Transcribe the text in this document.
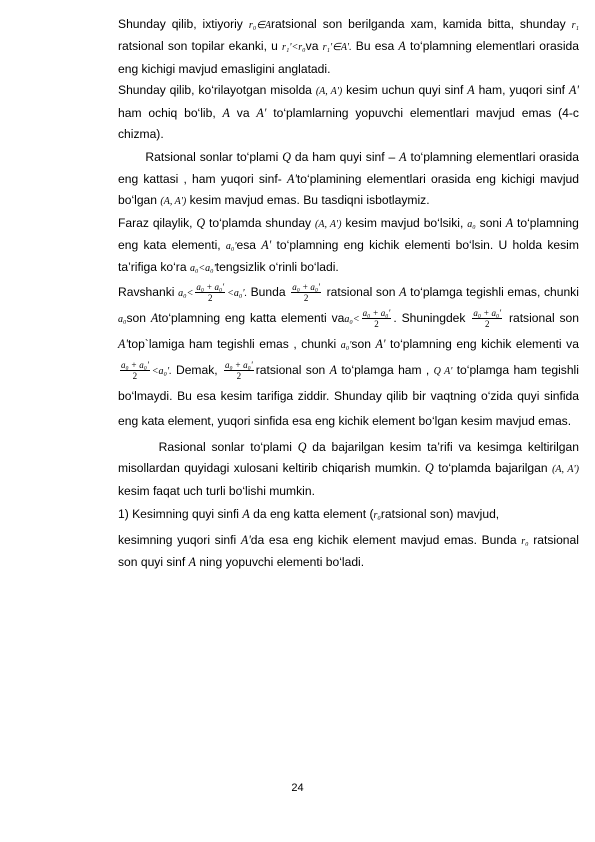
Shunday qilib, ixtiyoriy r₀∈Aratsional son berilganda xam, kamida bitta, shunday r₁ ratsional son topilar ekanki, u r₁'<r₀va r₁'∈A'. Bu esa A to‘plamning elementlari orasida eng kichigi mavjud emasligini anglatadi.

Shunday qilib, ko‘rilayotgan misolda (A, A') kesim uchun quyi sinf A ham, yuqori sinf A' ham ochiq bo‘lib, A va A' to‘plamlarning yopuvchi elementlari mavjud emas (4-c chizma).

Ratsional sonlar to‘plami Q da ham quyi sinf – A to‘plamning elementlari orasida eng kattasi , ham yuqori sinf- A'to‘plamining elementlari orasida eng kichigi mavjud bo‘lgan (A, A') kesim mavjud emas. Bu tasdiqni isbotlaymiz.

Faraz qilaylik, Q to‘plamda shunday (A, A') kesim mavjud bo‘lsiki, a₀ soni A to‘plamning eng kata elementi, a₀'esa A' to‘plamning eng kichik elementi bo‘lsin. U holda kesim ta’rifiga ko‘ra a₀<a₀'tengsizlik o‘rinli bo‘ladi.

Ravshanki $a_0< \frac{\text{a₀ + a₀'}}{2} <a_0'$. Bunda $\frac{\text{a₀ + a₀'}}{2}$ ratsional son A to‘plamga tegishli emas, chunki a₀son Ato‘plamning eng katta elementi $vaa_0< \frac{\text{a₀ + a₀'}}{2}$ . Shuningdek $\frac{\text{a₀ + a₀'}}{2}$ ratsional son A'top`lamiga ham tegishli emas , chunki a₀'son A' to‘plamning eng kichik elementi va
$\frac{\text{a₀ + a₀'}}{2} <a_0'$. Demak, $\frac{\text{a₀ + a₀'}}{2}$ ratsional son A to‘plamga ham , Q A' to‘plamga ham tegishli bo‘lmaydi. Bu esa kesim tarifiga ziddir. Shunday qilib bir vaqtning o‘zida quyi sinfida eng kata element, yuqori sinfida esa eng kichik element bo‘lgan kesim mavjud emas.

Rasional sonlar to‘plami Q da bajarilgan kesim ta’rifi va kesimga keltirilgan misollardan quyidagi xulosani keltirib chiqarish mumkin. Q to‘plamda bajarilgan (A, A') kesim faqat uch turli bo‘lishi mumkin.

1) Kesimning quyi sinfi A da eng katta element (r₀ratsional son) mavjud,

kesimning yuqori sinfi A'da esa eng kichik element mavjud emas. Bunda r₀ ratsional son quyi sinf A ning yopuvchi elementi bo‘ladi.

24
